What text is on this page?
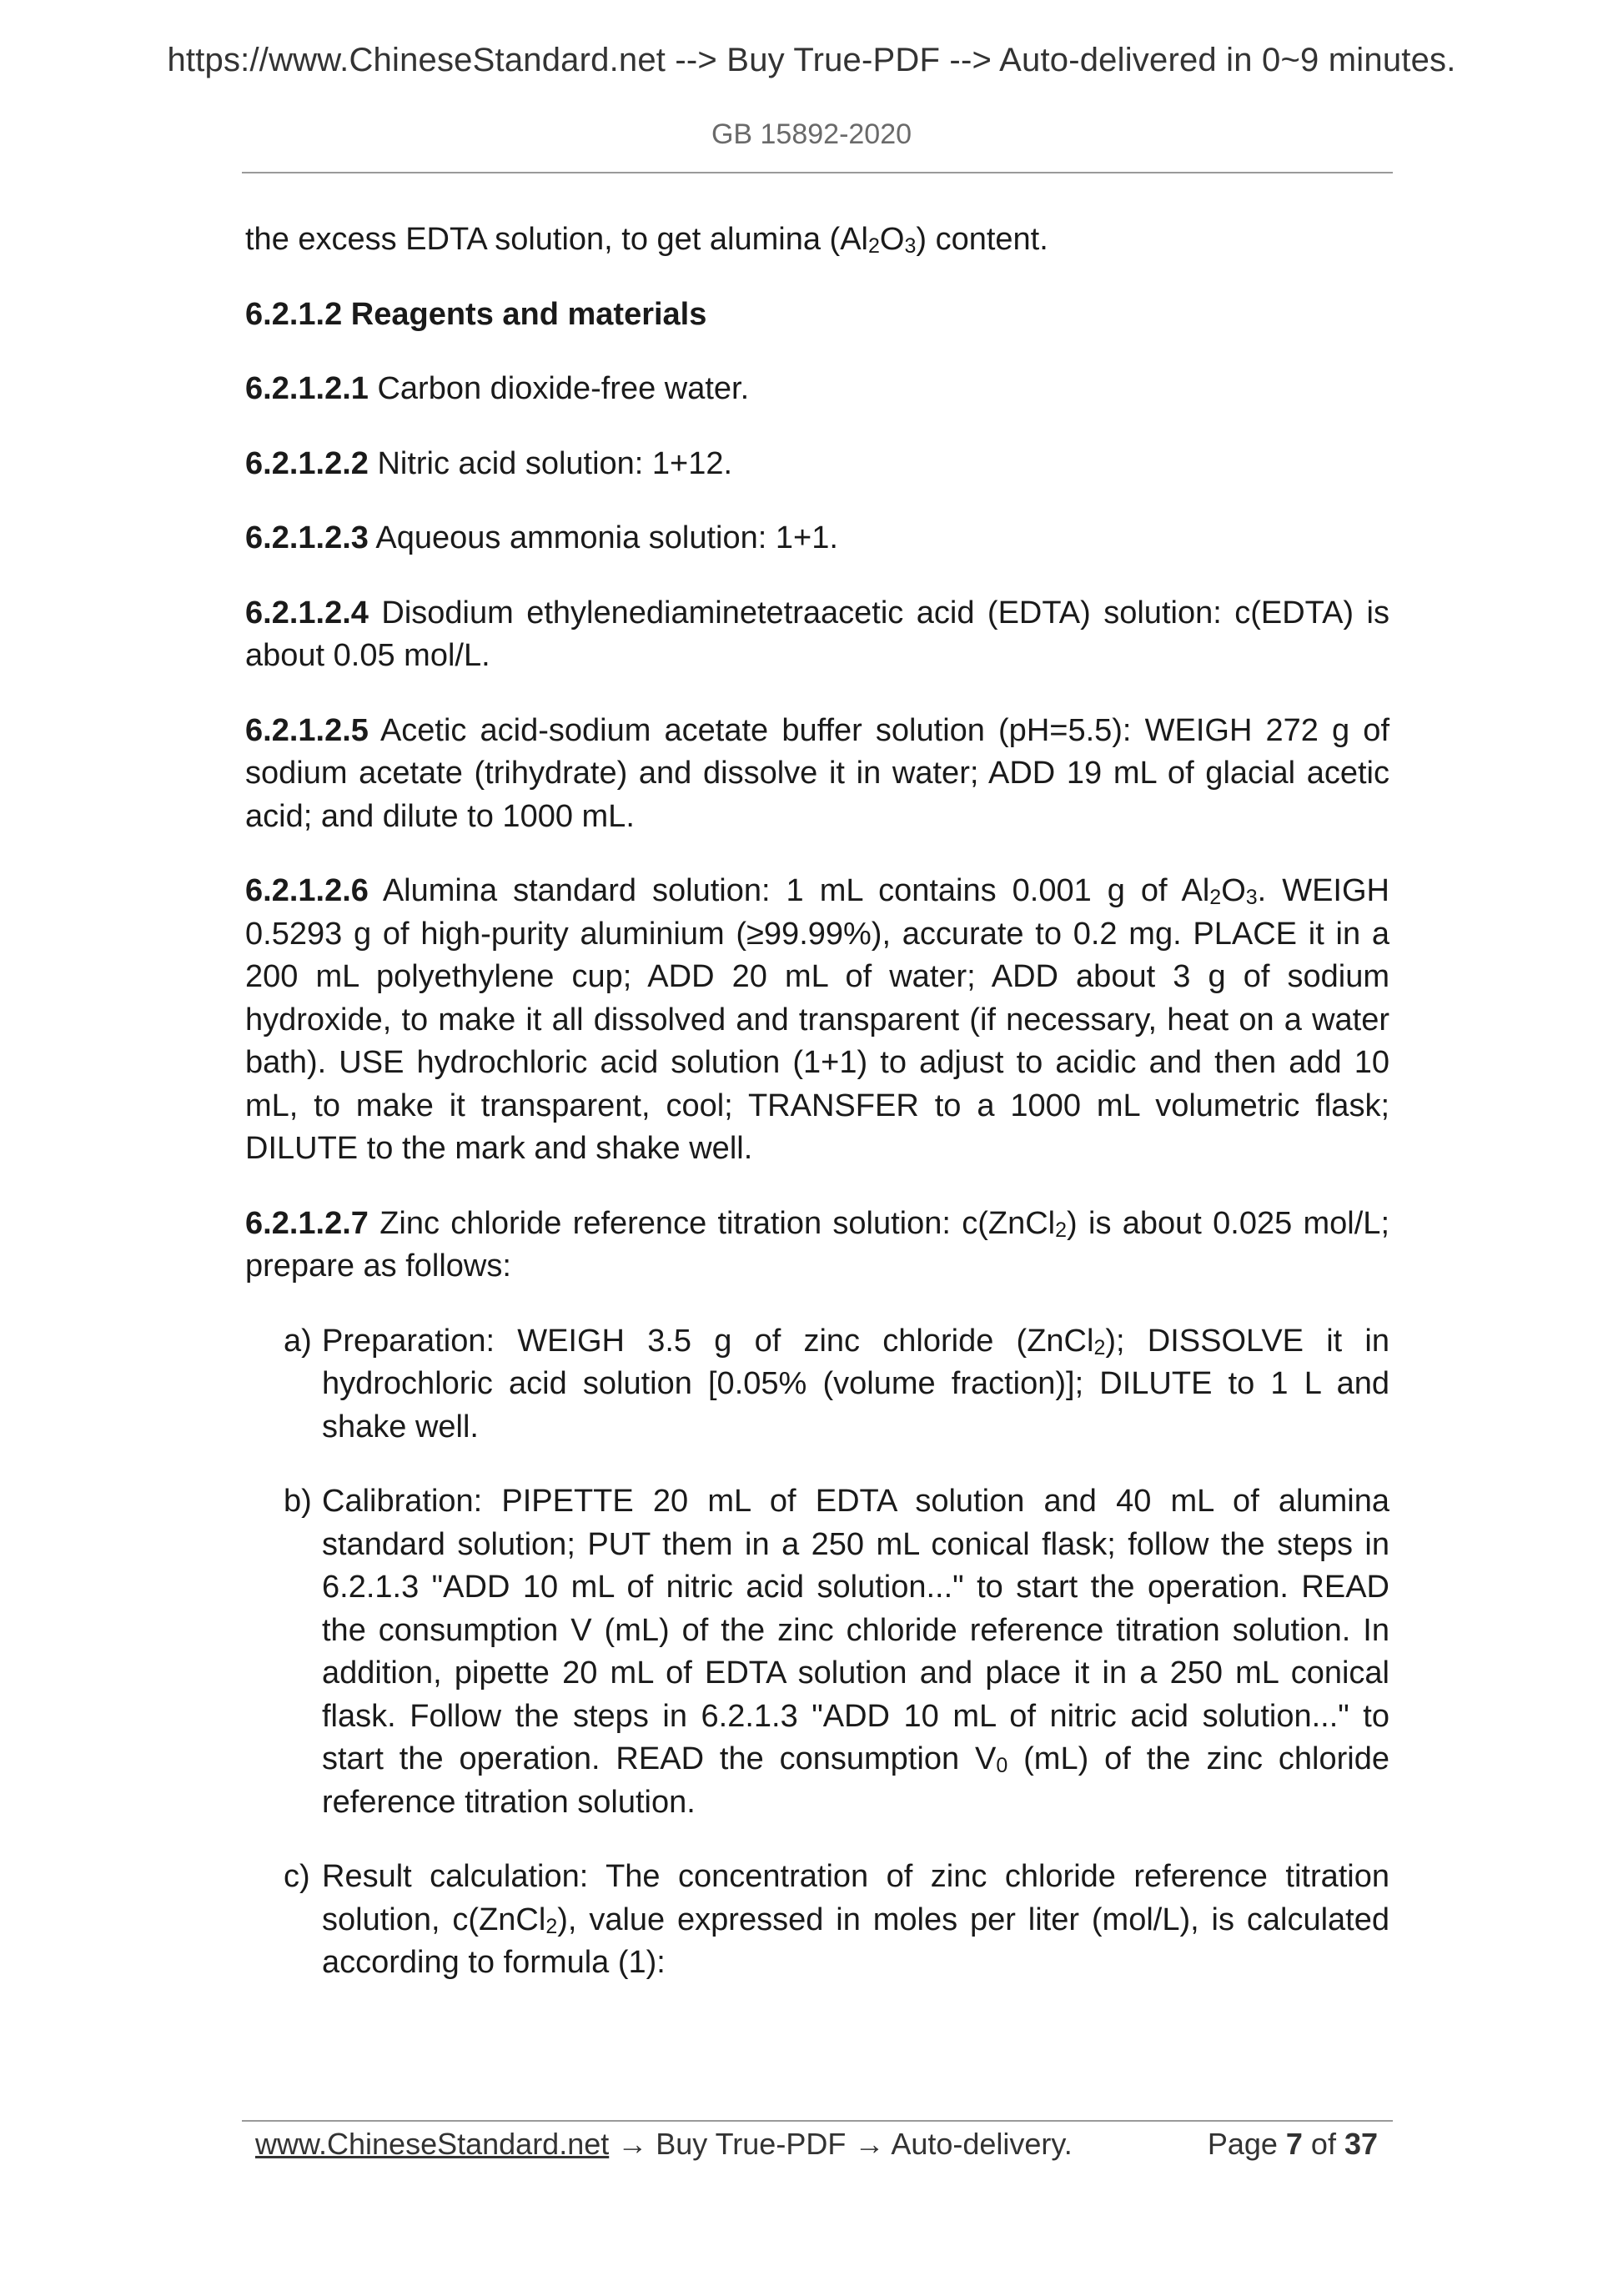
https://www.ChineseStandard.net --> Buy True-PDF --> Auto-delivered in 0~9 minutes.
GB 15892-2020

the excess EDTA solution, to get alumina (Al2O3) content.

6.2.1.2 Reagents and materials

6.2.1.2.1 Carbon dioxide-free water.

6.2.1.2.2 Nitric acid solution: 1+12.

6.2.1.2.3 Aqueous ammonia solution: 1+1.

6.2.1.2.4 Disodium ethylenediaminetetraacetic acid (EDTA) solution: c(EDTA) is about 0.05 mol/L.

6.2.1.2.5 Acetic acid-sodium acetate buffer solution (pH=5.5): WEIGH 272 g of sodium acetate (trihydrate) and dissolve it in water; ADD 19 mL of glacial acetic acid; and dilute to 1000 mL.

6.2.1.2.6 Alumina standard solution: 1 mL contains 0.001 g of Al2O3. WEIGH 0.5293 g of high-purity aluminium (≥99.99%), accurate to 0.2 mg. PLACE it in a 200 mL polyethylene cup; ADD 20 mL of water; ADD about 3 g of sodium hydroxide, to make it all dissolved and transparent (if necessary, heat on a water bath). USE hydrochloric acid solution (1+1) to adjust to acidic and then add 10 mL, to make it transparent, cool; TRANSFER to a 1000 mL volumetric flask; DILUTE to the mark and shake well.

6.2.1.2.7 Zinc chloride reference titration solution: c(ZnCl2) is about 0.025 mol/L; prepare as follows:

a) Preparation: WEIGH 3.5 g of zinc chloride (ZnCl2); DISSOLVE it in hydrochloric acid solution [0.05% (volume fraction)]; DILUTE to 1 L and shake well.
b) Calibration: PIPETTE 20 mL of EDTA solution and 40 mL of alumina standard solution; PUT them in a 250 mL conical flask; follow the steps in 6.2.1.3 "ADD 10 mL of nitric acid solution..." to start the operation. READ the consumption V (mL) of the zinc chloride reference titration solution. In addition, pipette 20 mL of EDTA solution and place it in a 250 mL conical flask. Follow the steps in 6.2.1.3 "ADD 10 mL of nitric acid solution..." to start the operation. READ the consumption V0 (mL) of the zinc chloride reference titration solution.
c) Result calculation: The concentration of zinc chloride reference titration solution, c(ZnCl2), value expressed in moles per liter (mol/L), is calculated according to formula (1):
www.ChineseStandard.net → Buy True-PDF → Auto-delivery.	Page 7 of 37
